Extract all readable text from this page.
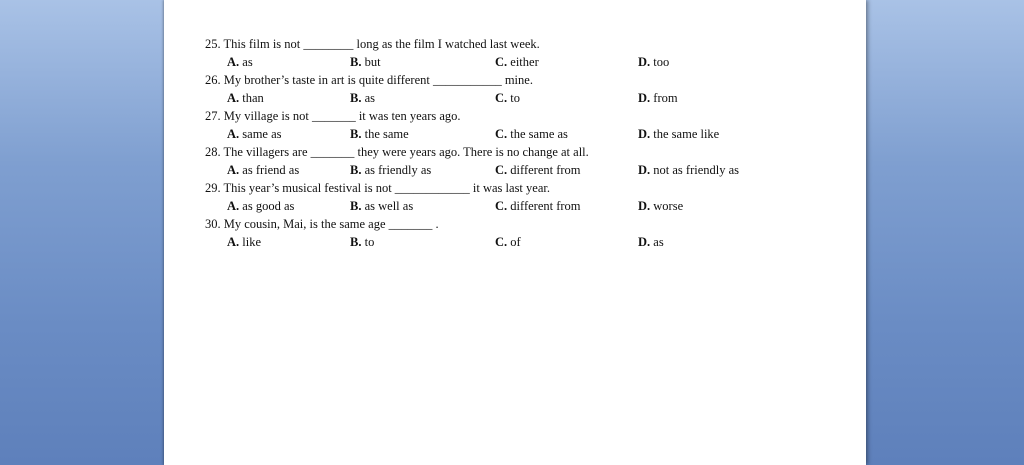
25. This film is not ________ long as the film I watched last week.
A. as	B. but	C. either	D. too
26. My brother’s taste in art is quite different ___________ mine.
A. than	B. as	C. to	D. from
27. My village is not _______ it was ten years ago.
A. same as	B. the same	C. the same as	D. the same like
28. The villagers are _______ they were years ago. There is no change at all.
A. as friend as	B. as friendly as	C. different from	D. not as friendly as
29. This year’s musical festival is not ____________ it was last year.
A. as good as	B. as well as	C. different from	D. worse
30. My cousin, Mai, is the same age _______ .
A. like	B. to	C. of	D. as
